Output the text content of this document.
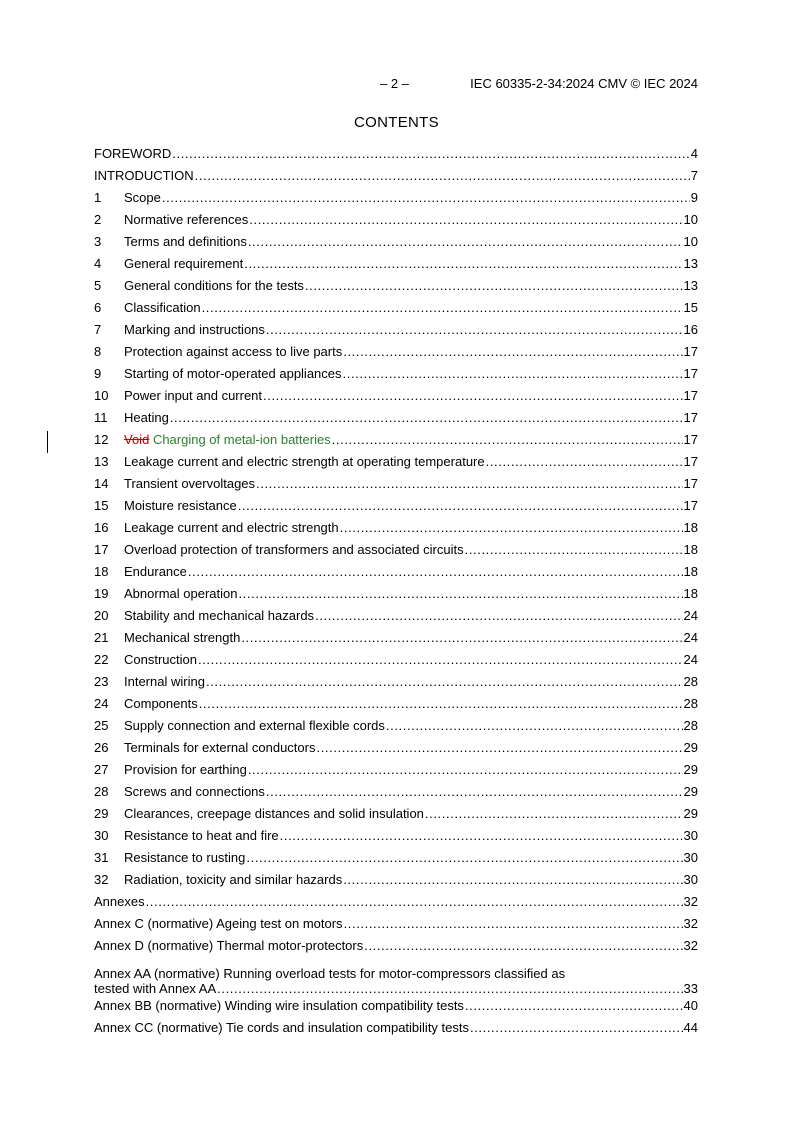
– 2 –	IEC 60335-2-34:2024 CMV © IEC 2024
CONTENTS
FOREWORD .....	4
INTRODUCTION .....	7
1	Scope .....	9
2	Normative references .....	10
3	Terms and definitions .....	10
4	General requirement .....	13
5	General conditions for the tests .....	13
6	Classification .....	15
7	Marking and instructions .....	16
8	Protection against access to live parts .....	17
9	Starting of motor-operated appliances .....	17
10	Power input and current .....	17
11	Heating .....	17
12	Void Charging of metal-ion batteries .....	17
13	Leakage current and electric strength at operating temperature .....	17
14	Transient overvoltages .....	17
15	Moisture resistance .....	17
16	Leakage current and electric strength .....	18
17	Overload protection of transformers and associated circuits .....	18
18	Endurance .....	18
19	Abnormal operation .....	18
20	Stability and mechanical hazards .....	24
21	Mechanical strength .....	24
22	Construction .....	24
23	Internal wiring .....	28
24	Components .....	28
25	Supply connection and external flexible cords .....	28
26	Terminals for external conductors .....	29
27	Provision for earthing .....	29
28	Screws and connections .....	29
29	Clearances, creepage distances and solid insulation .....	29
30	Resistance to heat and fire .....	30
31	Resistance to rusting .....	30
32	Radiation, toxicity and similar hazards .....	30
Annexes .....	32
Annex C (normative) Ageing test on motors .....	32
Annex D (normative) Thermal motor-protectors .....	32
Annex AA (normative) Running overload tests for motor-compressors classified as
tested with Annex AA .....	33
Annex BB (normative) Winding wire insulation compatibility tests .....	40
Annex CC (normative) Tie cords and insulation compatibility tests .....	44
